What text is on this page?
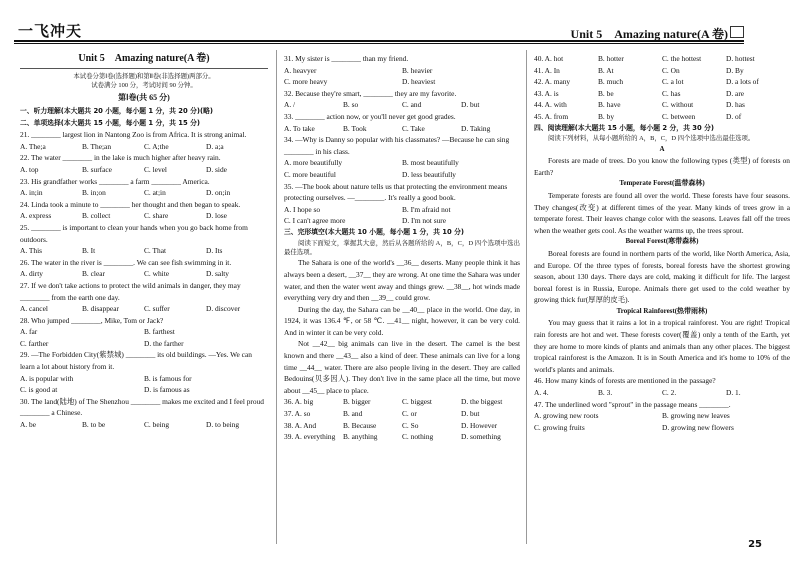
一飞冲天	Unit 5　Amazing nature(A 卷)
Unit 5　Amazing nature(A 卷)
本试卷分第Ⅰ卷(选择题)和第Ⅱ卷(非选择题)两部分。
试卷满分 100 分，考试时间 90 分钟。
第Ⅰ卷(共 65 分)
一、听力理解(本大题共 20 小题，每小题 1 分，共 20 分)(略)
二、单项选择(本大题共 15 小题，每小题 1 分，共 15 分)
21. ________ largest lion in Nantong Zoo is from Africa. It is strong animal.
A. The;a	B. The;an	C. A;the	D. a;a
22. The water ________ in the lake is much higher after heavy rain.
A. top	B. surface	C. level	D. side
23. His grandfather works ________ a farm ________ America.
A. in;in	B. in;on	C. at;in	D. on;in
24. Linda took a minute to ________ her thought and then began to speak.
A. express	B. collect	C. share	D. lose
25. ________ is important to clean your hands when you go back home from outdoors.
A. This	B. It	C. That	D. Its
26. The water in the river is ________. We can see fish swimming in it.
A. dirty	B. clear	C. white	D. salty
27. If we don't take actions to protect the wild animals in danger, they may ________ from the earth one day.
A. cancel	B. disappear	C. suffer	D. discover
28. Who jumped ________, Mike, Tom or Jack?
A. far	B. farthest
C. farther	D. the farther
29. —The Forbidden City(紫禁城) ________ its old buildings. —Yes. We can learn a lot about history from it.
A. is popular with	B. is famous for
C. is good at	D. is famous as
30. The land(陆地) of The Shenzhou ________ makes me excited and I feel proud ________ a Chinese.
A. be	B. to be	C. being	D. to being
31. My sister is ________ than my friend.
A. heavyer	B. heavier
C. more heavy	D. heaviest
32. Because they're smart, ________ they are my favorite.
A. /	B. so	C. and	D. but
33. ________ action now, or you'll never get good grades.
A. To take	B. Took	C. Take	D. Taking
34. —Why is Danny so popular with his classmates? —Because he can sing ________ in his class.
A. more beautifully	B. most beautifully
C. more beautiful	D. less beautifully
35. —The book about nature tells us that protecting the environment means protecting ourselves. —________. It's really a good book.
A. I hope so	B. I'm afraid not
C. I can't agree more	D. I'm not sure
三、完形填空(本大题共 10 小题，每小题 1 分，共 10 分)
阅读下面短文，掌握其大意，然后从各题所给的 A，B，C，D 四个选项中选出最佳选项。
The Sahara is one of the world's __36__ deserts. Many people think it has always been a desert, __37__ they are wrong. At one time the Sahara was under water, and then the water went away and things grew. __38__, hot winds made everything very dry and then __39__ could grow.
During the day, the Sahara can be __40__ place in the world. One day, in 1924, it was 136.4 ℉, or 58 ℃. __41__ night, however, it can be very cold. And in winter it can be very cold.
Not __42__ big animals can live in the desert. The camel is the best known and there __43__ also a kind of deer. These animals can live for a long time __44__ water. There are also people living in the desert. They are called Bedouins(贝多因人). They don't live in the same place all the time, but move about __45__ place to place.
36. A. big	B. bigger	C. biggest	D. the biggest
37. A. so	B. and	C. or	D. but
38. A. And	B. Because	C. So	D. However
39. A. everything	B. anything	C. nothing	D. something
40. A. hot	B. hotter	C. the hottest	D. hottest
41. A. In	B. At	C. On	D. By
42. A. many	B. much	C. a lot	D. a lots of
43. A. is	B. be	C. has	D. are
44. A. with	B. have	C. without	D. has
45. A. from	B. by	C. between	D. of
四、阅读理解(本大题共 15 小题，每小题 2 分，共 30 分)
阅读下列材料，从每小题所给的 A，B，C，D 四个选项中选出最佳选项。
A
Forests are made of trees. Do you know the following types (类型) of forests on Earth?
Temperate Forest(温带森林)
Temperate forests are found all over the world. These forests have four seasons. They changes(改变) at different times of the year. Many kinds of trees grow in a temperate forest. Their leaves change color with the seasons. Leaves fall off the trees when the weather gets cool. As the weather warms up, the trees sprout.
Boreal Forest(寒带森林)
Boreal forests are found in northern parts of the world, like North America, Asia, and Europe. Of the three types of forests, boreal forests have the shortest growing season, about 130 days. There days are cold, making it difficult for life. The largest boreal forest is in Russia, Europe. Animals there get used to the cold weather by growing thick fur(厚厚的皮毛).
Tropical Rainforest(热带雨林)
You may guess that it rains a lot in a tropical rainforest. You are right! Tropical rain forests are hot and wet. These forests cover(覆盖) only a tenth of the Earth, yet they are home to more kinds of plants and animals than any other places. The biggest tropical rainforest is the Amazon. It is in South America and it's home to 10% of the world's plants and animals.
46. How many kinds of forests are mentioned in the passage?
A. 4.	B. 3.	C. 2.	D. 1.
47. The underlined word "sprout" in the passage means ________.
A. growing new roots	B. growing new leaves
C. growing fruits	D. growing new flowers
25
